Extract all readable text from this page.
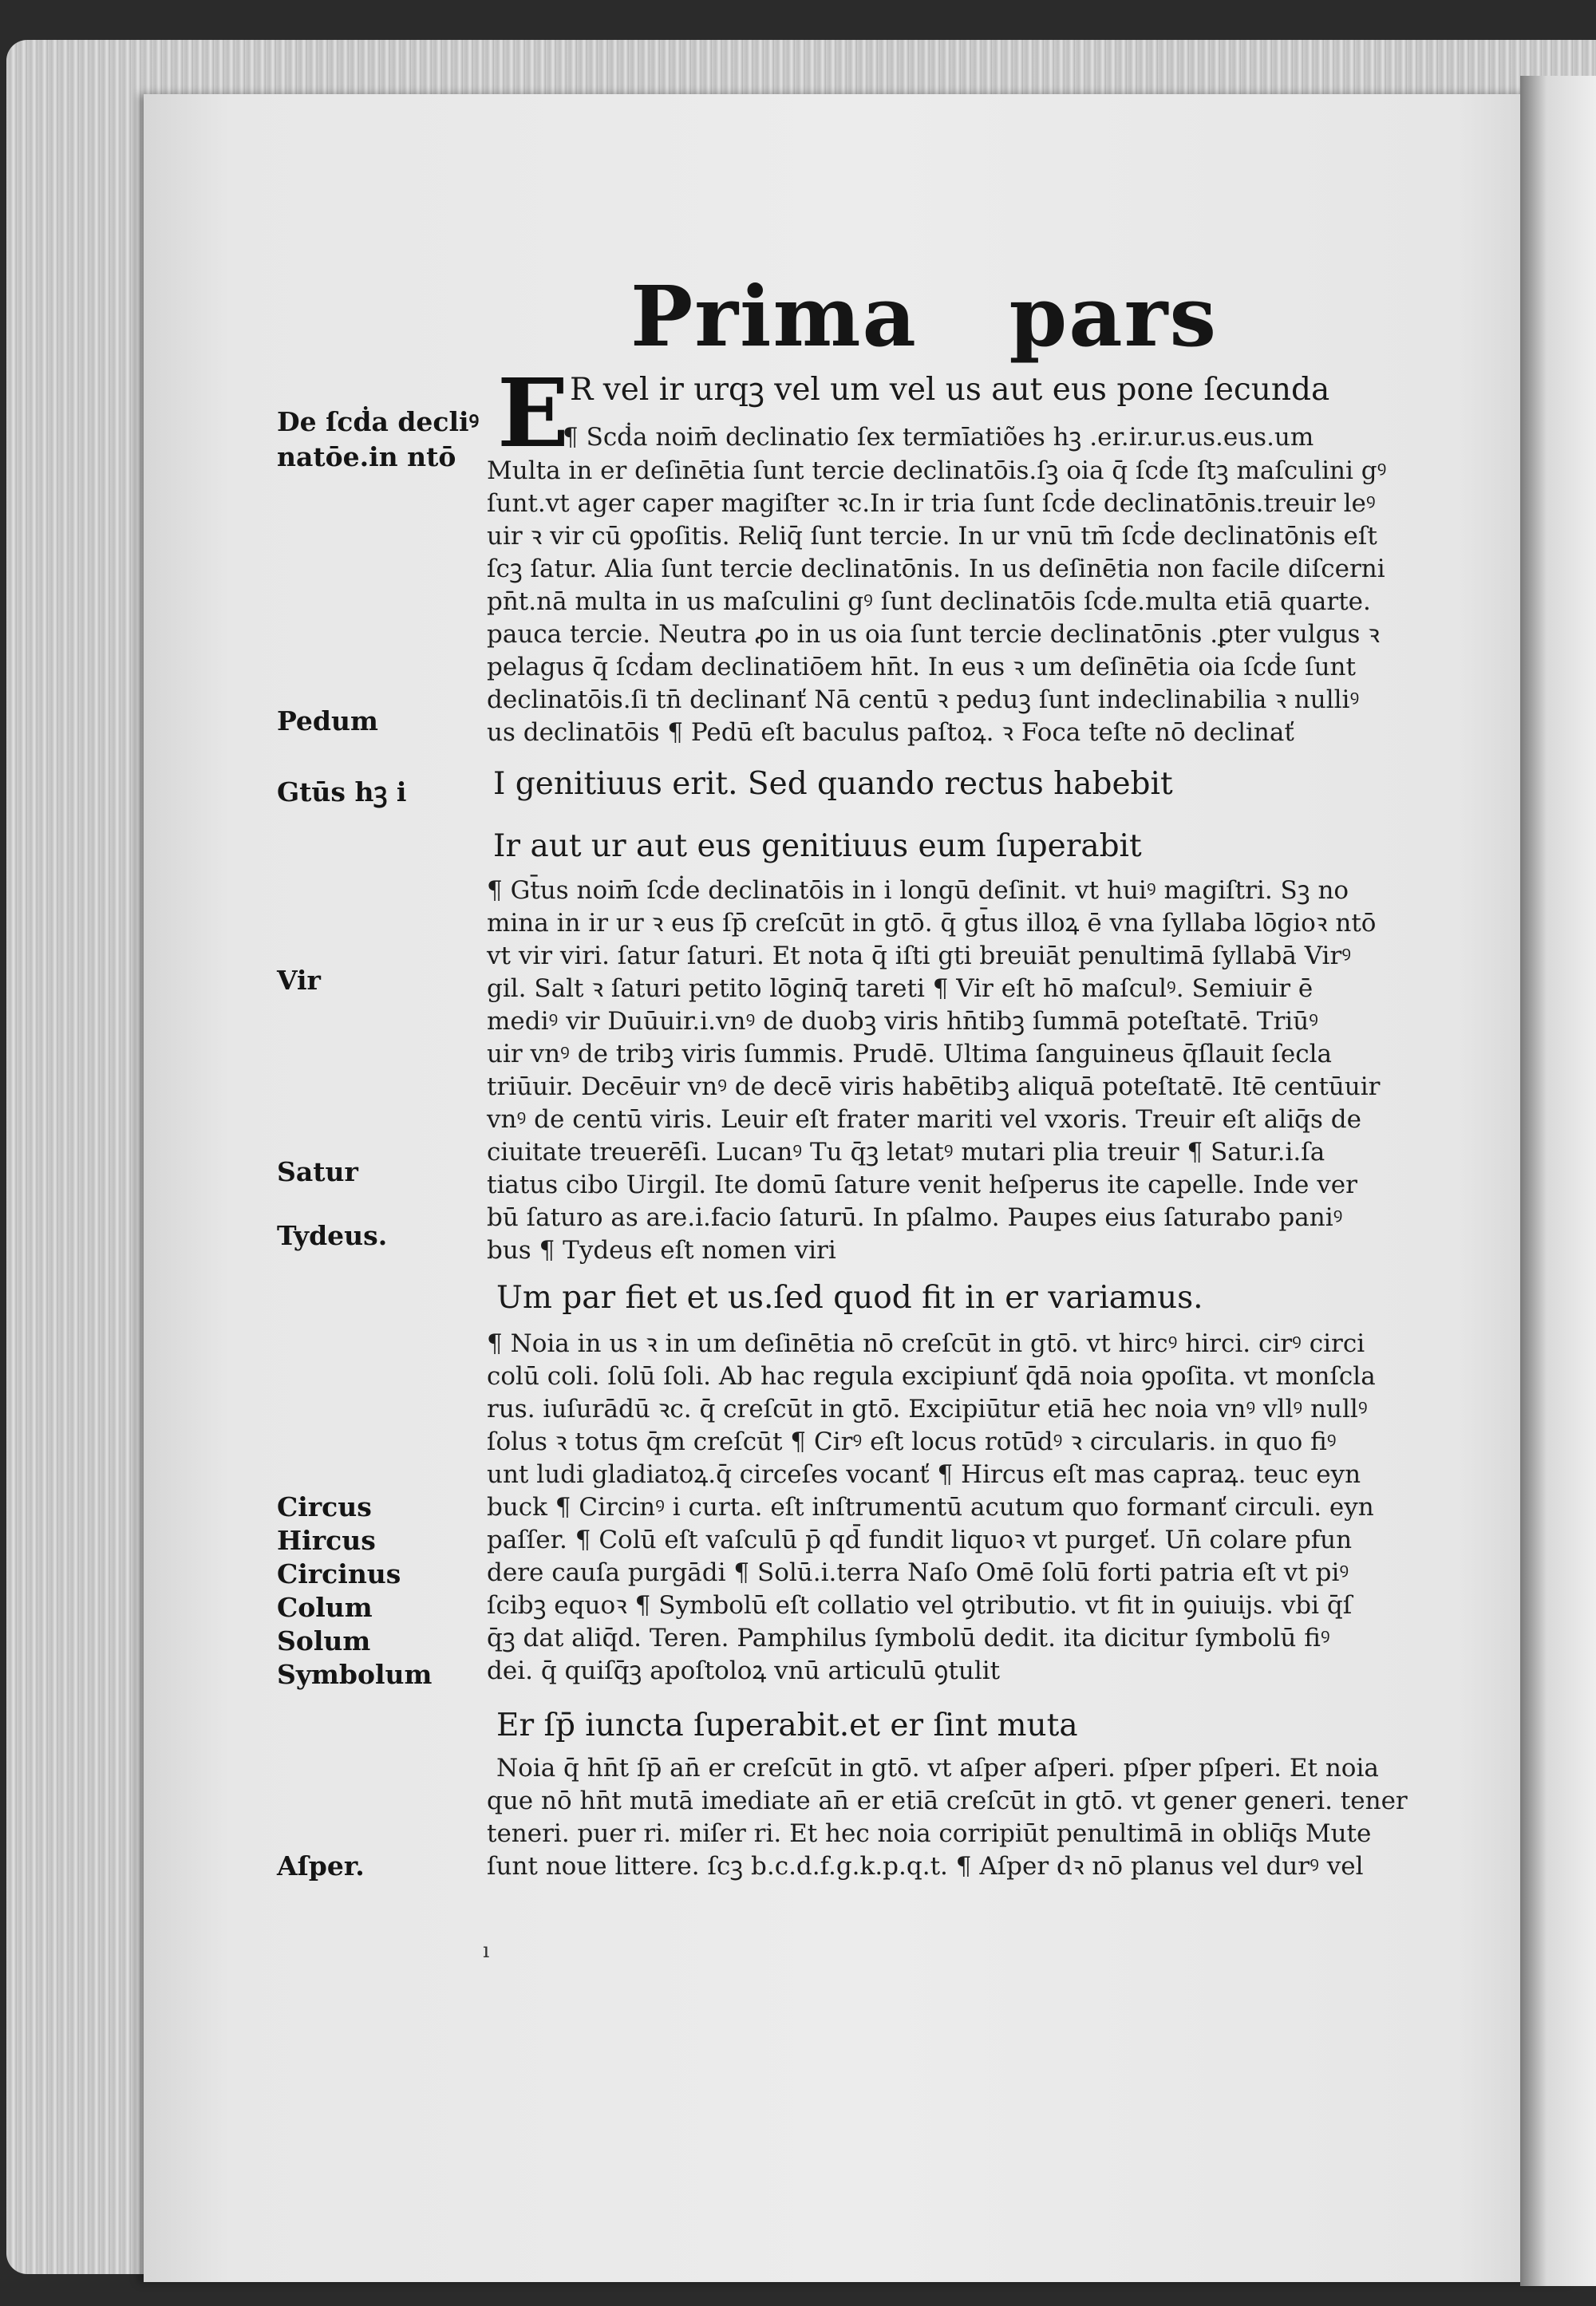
Prima   pars
E R vel ir urqꝫ vel um vel us aut eus pone ſecunda
¶ Scḋa noim̄ declinatio ſex termīatiões hꝫ .er.ir.ur.us.eus.um
Multa in er deſinētia ſunt tercie declinatōis.ſꝫ oia q̄ ſcḋe ſtꝫ maſculini gꝰ
ſunt.vt ager caper magiſter ꝛc.In ir tria ſunt ſcḋe declinatōnis.treuir leꝰ
uir ꝛ vir cū ꝯpoſitis. Reliq̄ ſunt tercie. In ur vnū tm̄ ſcḋe declinatōnis eſt
ſcꝫ ſatur. Alia ſunt tercie declinatōnis. In us deſinētia non facile diſcerni
pn̄t.nā multa in us maſculini gꝰ ſunt declinatōis ſcḋe.multa etiā quarte.
pauca tercie. Neutra ꝓo in us oia ſunt tercie declinatōnis .ꝑter vulgus ꝛ
pelagus q̄ ſcḋam declinatiōem hn̄t. In eus ꝛ um deſinētia oia ſcḋe ſunt
declinatōis.ſi tn̄ declinanť Nā centū ꝛ peduꝫ ſunt indeclinabilia ꝛ nulliꝰ
us declinatōis ¶ Pedū eſt baculus paſtoꝝ. ꝛ Foca teſte nō declinať
I genitiuus erit. Sed quando rectus habebit
Ir aut ur aut eus genitiuus eum ſuperabit
¶ Gt̄us noim̄ ſcḋe declinatōis in i longū deſinit. vt huiꝰ magiſtri. Sꝫ no
mina in ir ur ꝛ eus ſp̄ creſcūt in gtō. q̄ gt̄us illoꝝ ē vna ſyllaba lōgioꝛ ntō
vt vir viri. ſatur ſaturi. Et nota q̄ iſti gti breuiāt penultimā ſyllabā Virꝰ
gil. Salt ꝛ ſaturi petito lōginq̄ tareti ¶ Vir eſt hō maſculꝰ. Semiuir ē
mediꝰ vir Duūuir.i.vnꝰ de duobꝫ viris hn̄tibꝫ ſummā poteſtatē. Triūꝰ
uir vnꝰ de tribꝫ viris ſummis. Prudē. Ultima ſanguineus q̄ſlauit ſecla
triūuir. Decēuir vnꝰ de decē viris habētibꝫ aliquā poteſtatē. Itē centūuir
vnꝰ de centū viris. Leuir eſt frater mariti vel vxoris. Treuir eſt aliq̄s de
ciuitate treuerēſi. Lucanꝰ Tu q̄ꝫ letatꝰ mutari plia treuir ¶ Satur.i.ſa
tiatus cibo Uirgil. Ite domū ſature venit heſperus ite capelle. Inde ver
bū ſaturo as are.i.facio ſaturū. In pſalmo. Paupes eius ſaturabo paniꝰ
bus ¶ Tydeus eſt nomen viri
Um par fiet et us.ſed quod fit in er variamus.
¶ Noia in us ꝛ in um deſinētia nō creſcūt in gtō. vt hircꝰ hirci. cirꝰ circi
colū coli. ſolū ſoli. Ab hac regula excipiunť q̄dā noia ꝯpoſita. vt monſcla
rus. iuſurādū ꝛc. q̄ creſcūt in gtō. Excipiūtur etiā hec noia vnꝰ vllꝰ nullꝰ
ſolus ꝛ totus q̄m creſcūt ¶ Cirꝰ eſt locus rotūdꝰ ꝛ circularis. in quo fiꝰ
unt ludi gladiatoꝝ.q̄ circeſes vocanť ¶ Hircus eſt mas capraꝝ. teuc eyn
buck ¶ Circinꝰ i curta. eſt inſtrumentū acutum quo formanť circuli. eyn
paſſer. ¶ Colū eſt vaſculū p̄ qd̄ fundit liquoꝛ vt purgeť. Un̄ colare pfun
dere cauſa purgādi ¶ Solū.i.terra Naſo Omē ſolū forti patria eſt vt piꝰ
ſcibꝫ equoꝛ ¶ Symbolū eſt collatio vel ꝯtributio. vt fit in ꝯuiuijs. vbi q̄ſ
q̄ꝫ dat aliq̄d. Teren. Pamphilus ſymbolū dedit. ita dicitur ſymbolū fiꝰ
dei. q̄ quiſq̄ꝫ apoſtoloꝝ vnū articulū ꝯtulit
Er ſp̄ iuncta ſuperabit.et er ſint muta
Noia q̄ hn̄t ſp̄ an̄ er creſcūt in gtō. vt aſper aſperi. pſper pſperi. Et noia
que nō hn̄t mutā imediate an̄ er etiā creſcūt in gtō. vt gener generi. tener
teneri. puer ri. miſer ri. Et hec noia corripiūt penultimā in obliq̄s Mute
ſunt noue littere. ſcꝫ b.c.d.f.g.k.p.q.t. ¶ Aſper dꝛ nō planus vel durꝰ vel
De ſcḋa decliꝰ
natōe.in ntō
Pedum
Gtūs hꝫ i
Vir
Satur
Tydeus.
Circus
Hircus
Circinus
Colum
Solum
Symbolum
Aſper.
ı
